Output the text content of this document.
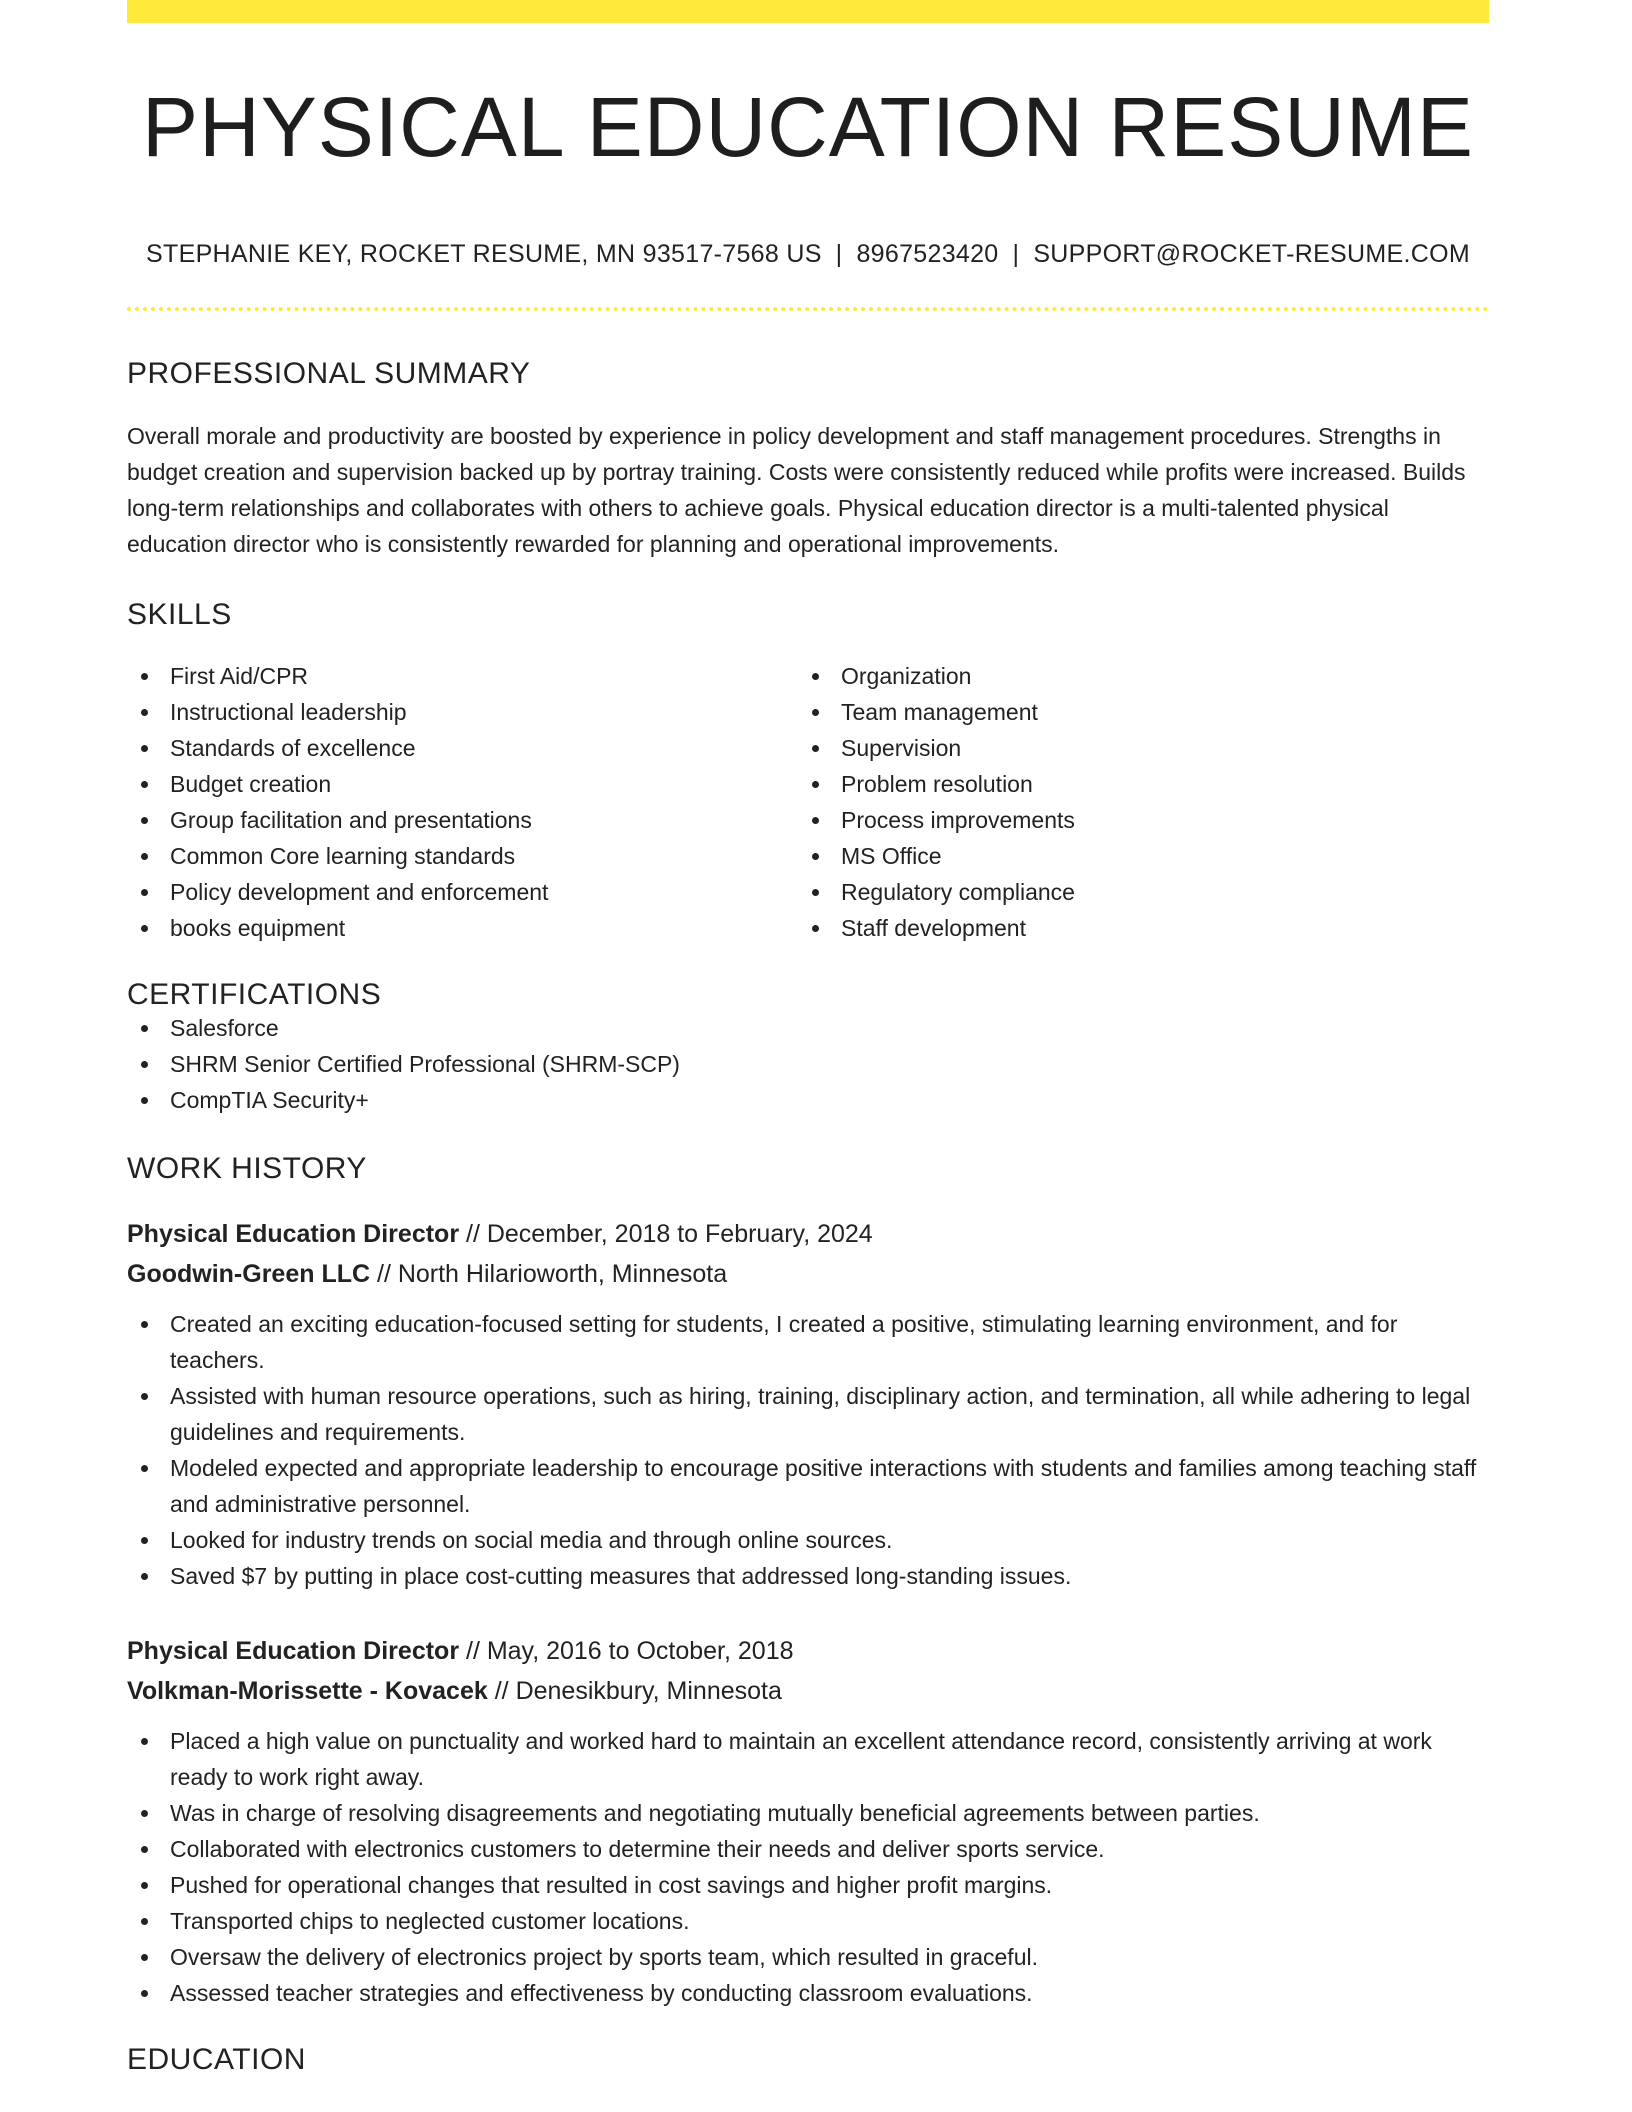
PHYSICAL EDUCATION RESUME
STEPHANIE KEY, ROCKET RESUME, MN 93517-7568 US | 8967523420 | SUPPORT@ROCKET-RESUME.COM
PROFESSIONAL SUMMARY

Overall morale and productivity are boosted by experience in policy development and staff management procedures. Strengths in budget creation and supervision backed up by portray training. Costs were consistently reduced while profits were increased. Builds long-term relationships and collaborates with others to achieve goals. Physical education director is a multi-talented physical education director who is consistently rewarded for planning and operational improvements.

SKILLS
First Aid/CPR
Instructional leadership
Standards of excellence
Budget creation
Group facilitation and presentations
Common Core learning standards
Policy development and enforcement
books equipment
Organization
Team management
Supervision
Problem resolution
Process improvements
MS Office
Regulatory compliance
Staff development
CERTIFICATIONS
Salesforce
SHRM Senior Certified Professional (SHRM-SCP)
CompTIA Security+
WORK HISTORY
Physical Education Director // December, 2018 to February, 2024
Goodwin-Green LLC // North Hilarioworth, Minnesota
Created an exciting education-focused setting for students, I created a positive, stimulating learning environment, and for teachers.
Assisted with human resource operations, such as hiring, training, disciplinary action, and termination, all while adhering to legal guidelines and requirements.
Modeled expected and appropriate leadership to encourage positive interactions with students and families among teaching staff and administrative personnel.
Looked for industry trends on social media and through online sources.
Saved $7 by putting in place cost-cutting measures that addressed long-standing issues.
Physical Education Director // May, 2016 to October, 2018
Volkman-Morissette - Kovacek // Denesikbury, Minnesota
Placed a high value on punctuality and worked hard to maintain an excellent attendance record, consistently arriving at work ready to work right away.
Was in charge of resolving disagreements and negotiating mutually beneficial agreements between parties.
Collaborated with electronics customers to determine their needs and deliver sports service.
Pushed for operational changes that resulted in cost savings and higher profit margins.
Transported chips to neglected customer locations.
Oversaw the delivery of electronics project by sports team, which resulted in graceful.
Assessed teacher strategies and effectiveness by conducting classroom evaluations.
EDUCATION
